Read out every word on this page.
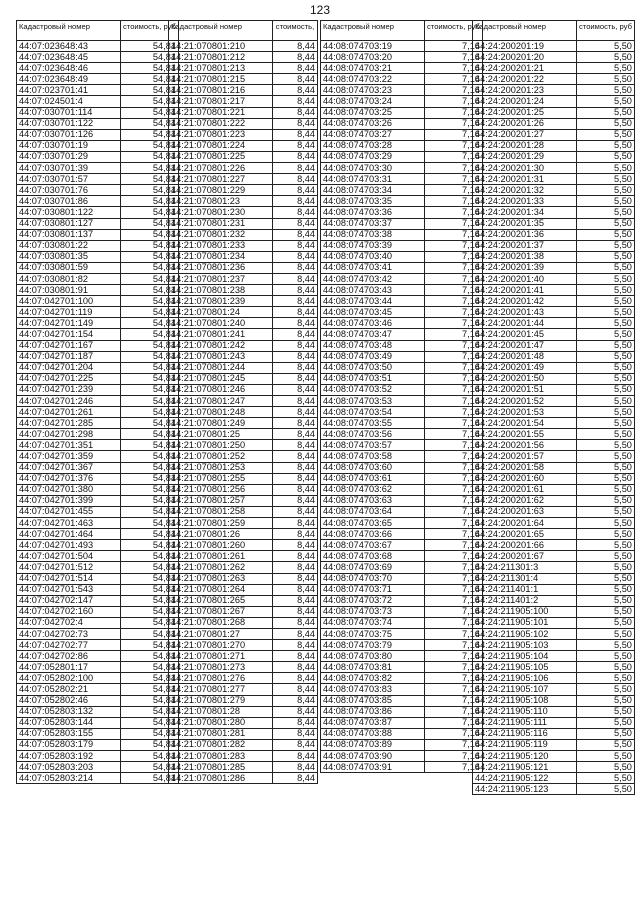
123
Кадастровый номер	стоимость, руб
44:07:023648:43	54,81
44:07:023648:45	54,81
44:07:023648:46	54,81
44:07:023648:49	54,81
44:07:023701:41	54,81
44:07:024501:4	54,81
44:07:030701:114	54,81
44:07:030701:122	54,81
44:07:030701:126	54,81
44:07:030701:19	54,81
44:07:030701:29	54,81
44:07:030701:39	54,81
44:07:030701:57	54,81
44:07:030701:76	54,81
44:07:030701:86	54,81
44:07:030801:122	54,81
44:07:030801:127	54,81
44:07:030801:137	54,81
44:07:030801:22	54,81
44:07:030801:35	54,81
44:07:030801:59	54,81
44:07:030801:82	54,81
44:07:030801:91	54,81
44:07:042701:100	54,81
44:07:042701:119	54,81
44:07:042701:149	54,81
44:07:042701:154	54,81
44:07:042701:167	54,81
44:07:042701:187	54,81
44:07:042701:204	54,81
44:07:042701:225	54,81
44:07:042701:239	54,81
44:07:042701:246	54,81
44:07:042701:261	54,81
44:07:042701:285	54,81
44:07:042701:298	54,81
44:07:042701:351	54,81
44:07:042701:359	54,81
44:07:042701:367	54,81
44:07:042701:376	54,81
44:07:042701:380	54,81
44:07:042701:399	54,81
44:07:042701:455	54,81
44:07:042701:463	54,81
44:07:042701:464	54,81
44:07:042701:493	54,81
44:07:042701:504	54,81
44:07:042701:512	54,81
44:07:042701:514	54,81
44:07:042701:543	54,81
44:07:042702:147	54,81
44:07:042702:160	54,81
44:07:042702:4	54,81
44:07:042702:73	54,81
44:07:042702:77	54,81
44:07:042702:86	54,81
44:07:052801:17	54,81
44:07:052802:100	54,81
44:07:052802:21	54,81
44:07:052802:46	54,81
44:07:052803:132	54,81
44:07:052803:144	54,81
44:07:052803:155	54,81
44:07:052803:179	54,81
44:07:052803:192	54,81
44:07:052803:203	54,81
44:07:052803:214	54,81
Кадастровый номер	стоимость,
44:21:070801:210	8,44
44:21:070801:212	8,44
44:21:070801:213	8,44
44:21:070801:215	8,44
44:21:070801:216	8,44
44:21:070801:217	8,44
44:21:070801:221	8,44
44:21:070801:222	8,44
44:21:070801:223	8,44
44:21:070801:224	8,44
44:21:070801:225	8,44
44:21:070801:226	8,44
44:21:070801:227	8,44
44:21:070801:229	8,44
44:21:070801:23	8,44
44:21:070801:230	8,44
44:21:070801:231	8,44
44:21:070801:232	8,44
44:21:070801:233	8,44
44:21:070801:234	8,44
44:21:070801:236	8,44
44:21:070801:237	8,44
44:21:070801:238	8,44
44:21:070801:239	8,44
44:21:070801:24	8,44
44:21:070801:240	8,44
44:21:070801:241	8,44
44:21:070801:242	8,44
44:21:070801:243	8,44
44:21:070801:244	8,44
44:21:070801:245	8,44
44:21:070801:246	8,44
44:21:070801:247	8,44
44:21:070801:248	8,44
44:21:070801:249	8,44
44:21:070801:25	8,44
44:21:070801:250	8,44
44:21:070801:252	8,44
44:21:070801:253	8,44
44:21:070801:255	8,44
44:21:070801:256	8,44
44:21:070801:257	8,44
44:21:070801:258	8,44
44:21:070801:259	8,44
44:21:070801:26	8,44
44:21:070801:260	8,44
44:21:070801:261	8,44
44:21:070801:262	8,44
44:21:070801:263	8,44
44:21:070801:264	8,44
44:21:070801:265	8,44
44:21:070801:267	8,44
44:21:070801:268	8,44
44:21:070801:27	8,44
44:21:070801:270	8,44
44:21:070801:271	8,44
44:21:070801:273	8,44
44:21:070801:276	8,44
44:21:070801:277	8,44
44:21:070801:279	8,44
44:21:070801:28	8,44
44:21:070801:280	8,44
44:21:070801:281	8,44
44:21:070801:282	8,44
44:21:070801:283	8,44
44:21:070801:285	8,44
44:21:070801:286	8,44
Кадастровый номер	стоимость, руб
44:08:074703:19	7,16
44:08:074703:20	7,16
44:08:074703:21	7,16
44:08:074703:22	7,16
44:08:074703:23	7,16
44:08:074703:24	7,16
44:08:074703:25	7,16
44:08:074703:26	7,16
44:08:074703:27	7,16
44:08:074703:28	7,16
44:08:074703:29	7,16
44:08:074703:30	7,16
44:08:074703:31	7,16
44:08:074703:34	7,16
44:08:074703:35	7,16
44:08:074703:36	7,16
44:08:074703:37	7,16
44:08:074703:38	7,16
44:08:074703:39	7,16
44:08:074703:40	7,16
44:08:074703:41	7,16
44:08:074703:42	7,16
44:08:074703:43	7,16
44:08:074703:44	7,16
44:08:074703:45	7,16
44:08:074703:46	7,16
44:08:074703:47	7,16
44:08:074703:48	7,16
44:08:074703:49	7,16
44:08:074703:50	7,16
44:08:074703:51	7,16
44:08:074703:52	7,16
44:08:074703:53	7,16
44:08:074703:54	7,16
44:08:074703:55	7,16
44:08:074703:56	7,16
44:08:074703:57	7,16
44:08:074703:58	7,16
44:08:074703:60	7,16
44:08:074703:61	7,16
44:08:074703:62	7,16
44:08:074703:63	7,16
44:08:074703:64	7,16
44:08:074703:65	7,16
44:08:074703:66	7,16
44:08:074703:67	7,16
44:08:074703:68	7,16
44:08:074703:69	7,16
44:08:074703:70	7,16
44:08:074703:71	7,16
44:08:074703:72	7,16
44:08:074703:73	7,16
44:08:074703:74	7,16
44:08:074703:75	7,16
44:08:074703:79	7,16
44:08:074703:80	7,16
44:08:074703:81	7,16
44:08:074703:82	7,16
44:08:074703:83	7,16
44:08:074703:85	7,16
44:08:074703:86	7,16
44:08:074703:87	7,16
44:08:074703:88	7,16
44:08:074703:89	7,16
44:08:074703:90	7,16
44:08:074703:91	7,16
Кадастровый номер	стоимость, руб
44:24:200201:19	5,50
44:24:200201:20	5,50
44:24:200201:21	5,50
44:24:200201:22	5,50
44:24:200201:23	5,50
44:24:200201:24	5,50
44:24:200201:25	5,50
44:24:200201:26	5,50
44:24:200201:27	5,50
44:24:200201:28	5,50
44:24:200201:29	5,50
44:24:200201:30	5,50
44:24:200201:31	5,50
44:24:200201:32	5,50
44:24:200201:33	5,50
44:24:200201:34	5,50
44:24:200201:35	5,50
44:24:200201:36	5,50
44:24:200201:37	5,50
44:24:200201:38	5,50
44:24:200201:39	5,50
44:24:200201:40	5,50
44:24:200201:41	5,50
44:24:200201:42	5,50
44:24:200201:43	5,50
44:24:200201:44	5,50
44:24:200201:45	5,50
44:24:200201:47	5,50
44:24:200201:48	5,50
44:24:200201:49	5,50
44:24:200201:50	5,50
44:24:200201:51	5,50
44:24:200201:52	5,50
44:24:200201:53	5,50
44:24:200201:54	5,50
44:24:200201:55	5,50
44:24:200201:56	5,50
44:24:200201:57	5,50
44:24:200201:58	5,50
44:24:200201:60	5,50
44:24:200201:61	5,50
44:24:200201:62	5,50
44:24:200201:63	5,50
44:24:200201:64	5,50
44:24:200201:65	5,50
44:24:200201:66	5,50
44:24:200201:67	5,50
44:24:211301:3	5,50
44:24:211301:4	5,50
44:24:211401:1	5,50
44:24:211401:2	5,50
44:24:211905:100	5,50
44:24:211905:101	5,50
44:24:211905:102	5,50
44:24:211905:103	5,50
44:24:211905:104	5,50
44:24:211905:105	5,50
44:24:211905:106	5,50
44:24:211905:107	5,50
44:24:211905:108	5,50
44:24:211905:110	5,50
44:24:211905:111	5,50
44:24:211905:116	5,50
44:24:211905:119	5,50
44:24:211905:120	5,50
44:24:211905:121	5,50
44:24:211905:122	5,50
44:24:211905:123	5,50
